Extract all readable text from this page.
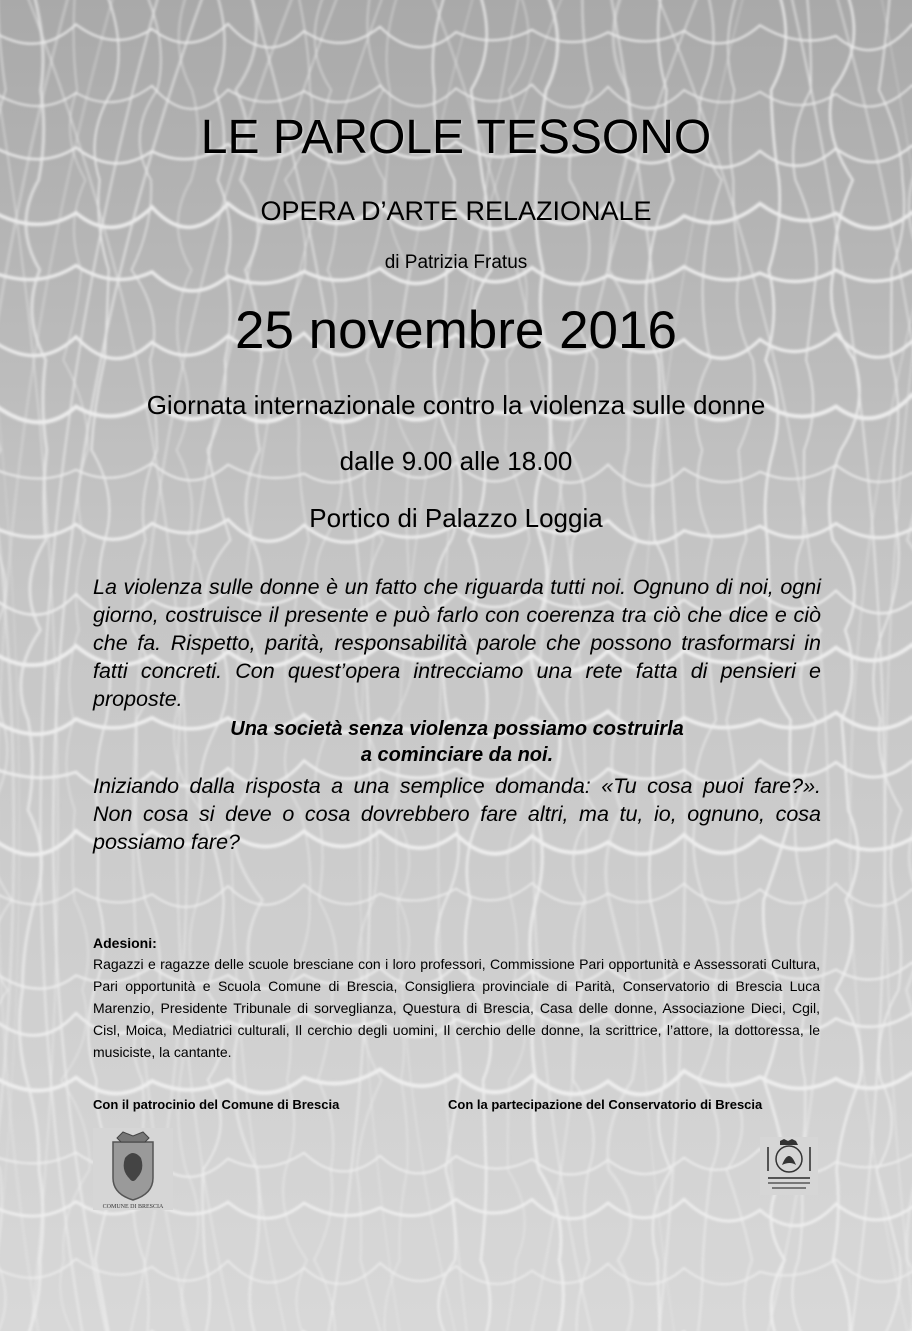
LE PAROLE TESSONO
OPERA D’ARTE RELAZIONALE
di Patrizia Fratus
25 novembre 2016
Giornata internazionale contro la violenza sulle donne
dalle 9.00 alle 18.00
Portico di Palazzo Loggia
La violenza sulle donne è un fatto che riguarda tutti noi. Ognuno di noi, ogni giorno, costruisce il presente e può farlo con coerenza tra ciò che dice e ciò che fa. Rispetto, parità, responsabilità parole che possono trasformarsi in fatti concreti. Con quest’opera intrecciamo una rete fatta di pensieri e proposte.
Una società senza violenza possiamo costruirla
a cominciare da noi.
Iniziando dalla risposta a una semplice domanda: «Tu cosa puoi fare?». Non cosa si deve o cosa dovrebbero fare altri, ma tu, io, ognuno, cosa possiamo fare?
Adesioni:
Ragazzi e ragazze delle scuole bresciane con i loro professori, Commissione Pari opportunità e Assessorati Cultura, Pari opportunità e Scuola Comune di Brescia, Consigliera provinciale di Parità, Conservatorio di Brescia Luca Marenzio, Presidente Tribunale di sorveglianza, Questura di Brescia, Casa delle donne, Associazione Dieci, Cgil, Cisl, Moica, Mediatrici culturali, Il cerchio degli uomini, Il cerchio delle donne, la scrittrice, l’attore, la dottoressa, le musiciste, la cantante.
Con il patrocinio del Comune di Brescia	Con la partecipazione del Conservatorio di Brescia
COMUNE DI BRESCIA
